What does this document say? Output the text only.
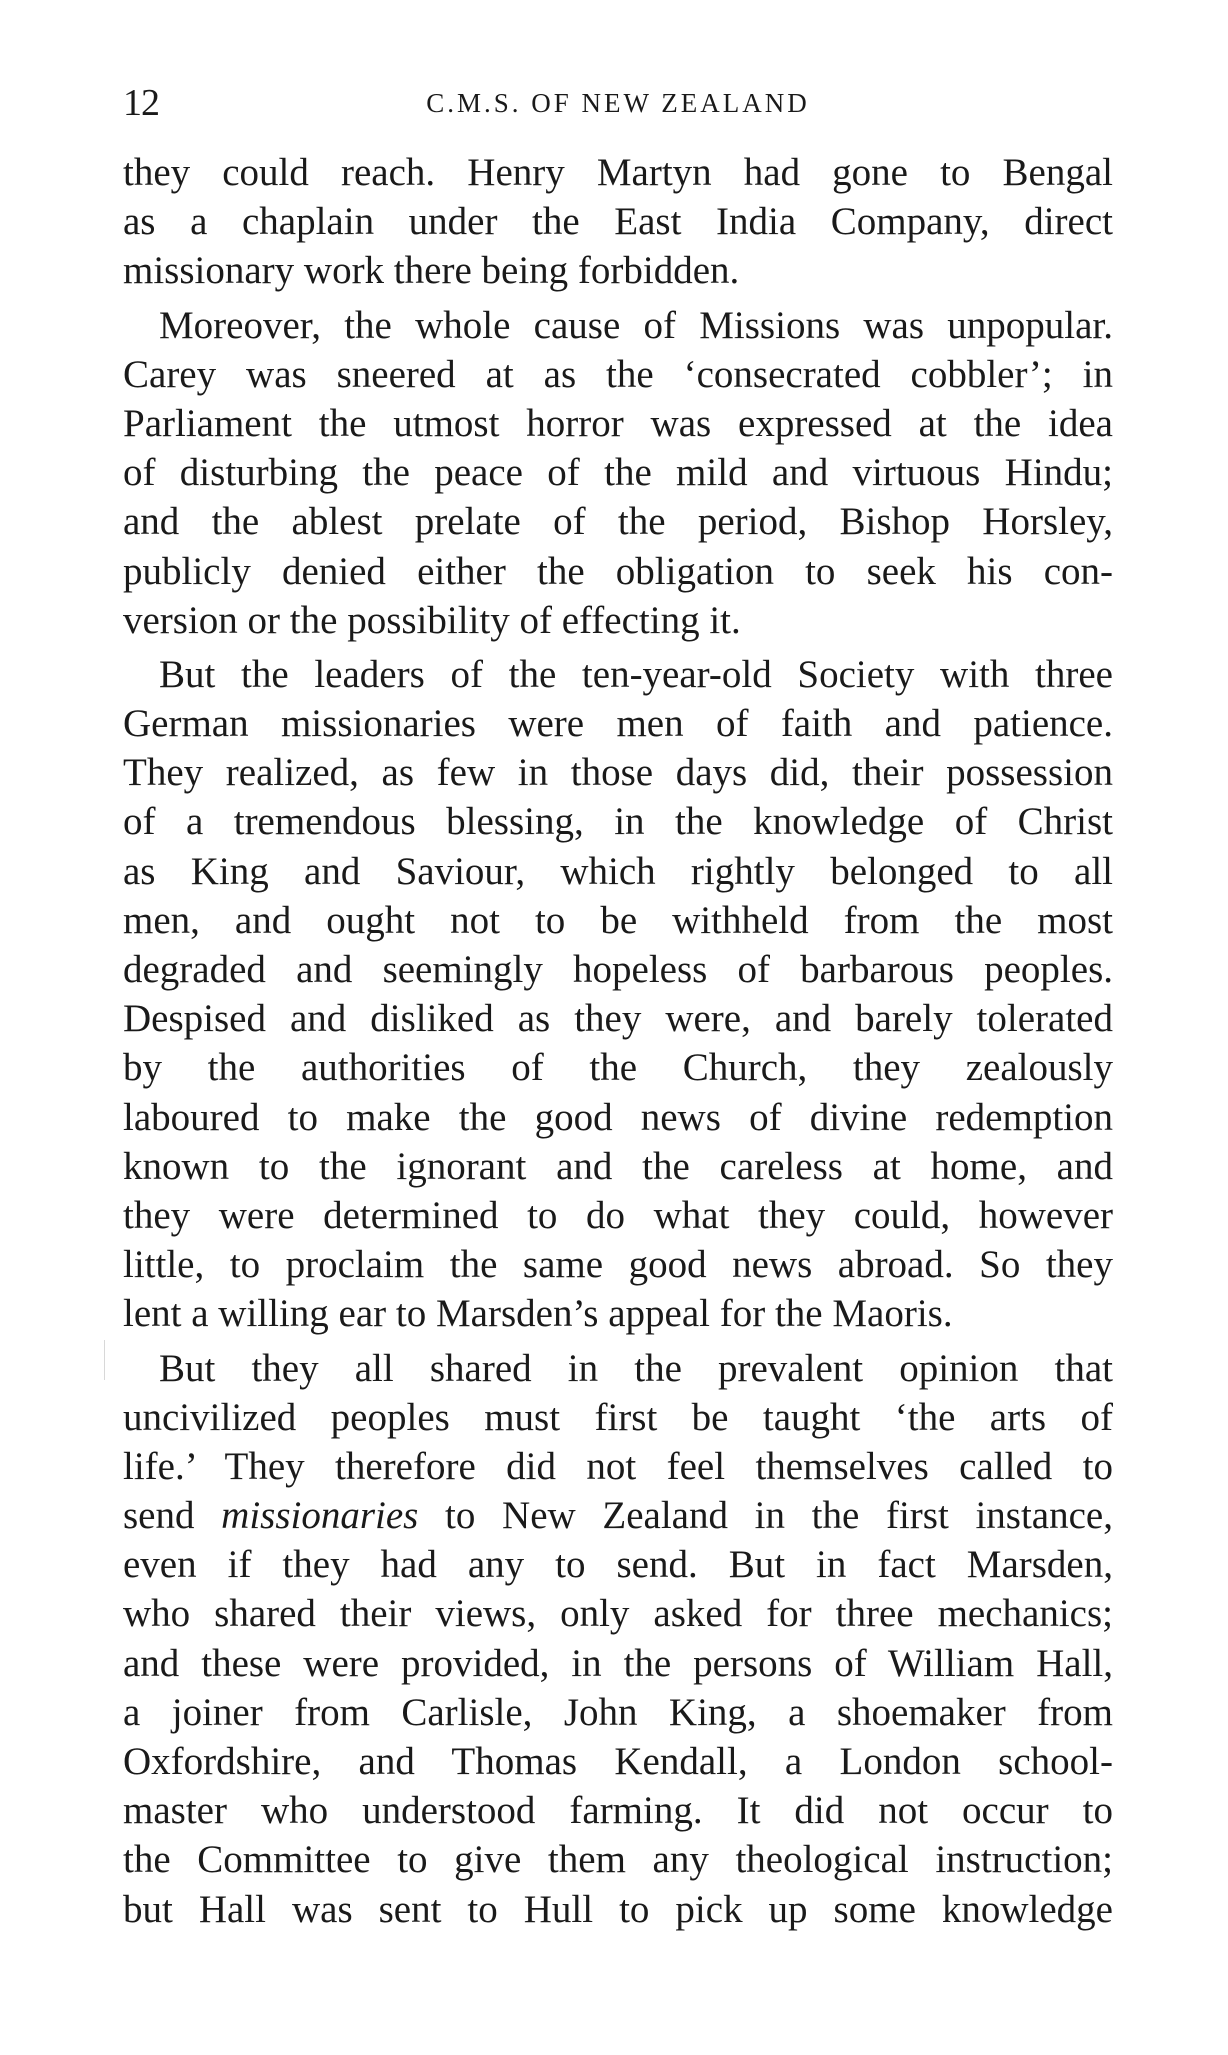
12	C.M.S. OF NEW ZEALAND

they could reach. Henry Martyn had gone to Bengal
as a chaplain under the East India Company, direct
missionary work there being forbidden.

Moreover, the whole cause of Missions was unpopular.
Carey was sneered at as the ‘consecrated cobbler’; in
Parliament the utmost horror was expressed at the idea
of disturbing the peace of the mild and virtuous Hindu;
and the ablest prelate of the period, Bishop Horsley,
publicly denied either the obligation to seek his con-
version or the possibility of effecting it.

But the leaders of the ten-year-old Society with three
German missionaries were men of faith and patience.
They realized, as few in those days did, their possession
of a tremendous blessing, in the knowledge of Christ
as King and Saviour, which rightly belonged to all
men, and ought not to be withheld from the most
degraded and seemingly hopeless of barbarous peoples.
Despised and disliked as they were, and barely tolerated
by the authorities of the Church, they zealously
laboured to make the good news of divine redemption
known to the ignorant and the careless at home, and
they were determined to do what they could, however
little, to proclaim the same good news abroad. So they
lent a willing ear to Marsden’s appeal for the Maoris.

But they all shared in the prevalent opinion that
uncivilized peoples must first be taught ‘the arts of
life.’ They therefore did not feel themselves called to
send missionaries to New Zealand in the first instance,
even if they had any to send. But in fact Marsden,
who shared their views, only asked for three mechanics;
and these were provided, in the persons of William Hall,
a joiner from Carlisle, John King, a shoemaker from
Oxfordshire, and Thomas Kendall, a London school-
master who understood farming. It did not occur to
the Committee to give them any theological instruction;
but Hall was sent to Hull to pick up some knowledge
